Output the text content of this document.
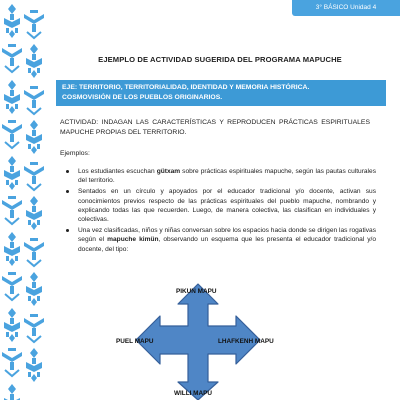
3° BÁSICO Unidad 4
EJEMPLO DE ACTIVIDAD SUGERIDA DEL PROGRAMA MAPUCHE
EJE: TERRITORIO, TERRITORIALIDAD, IDENTIDAD Y MEMORIA HISTÓRICA.
COSMOVISIÓN DE LOS PUEBLOS ORIGINARIOS.
ACTIVIDAD: INDAGAN LAS CARACTERÍSTICAS Y REPRODUCEN PRÁCTICAS ESPIRITUALES MAPUCHE PROPIAS DEL TERRITORIO.
Ejemplos:
Los estudiantes escuchan gütxam sobre prácticas espirituales mapuche, según las pautas culturales del territorio.
Sentados en un círculo y apoyados por el educador tradicional y/o docente, activan sus conocimientos previos respecto de las prácticas espirituales del pueblo mapuche, nombrando y explicando todas las que recuerden. Luego, de manera colectiva, las clasifican en individuales y colectivas.
Una vez clasificadas, niños y niñas conversan sobre los espacios hacia donde se dirigen las rogativas según el mapuche kimün, observando un esquema que les presenta el educador tradicional y/o docente, del tipo:
PIKUN MAPU
PUEL MAPU	LHAFKENH MAPU
WILLI MAPU
